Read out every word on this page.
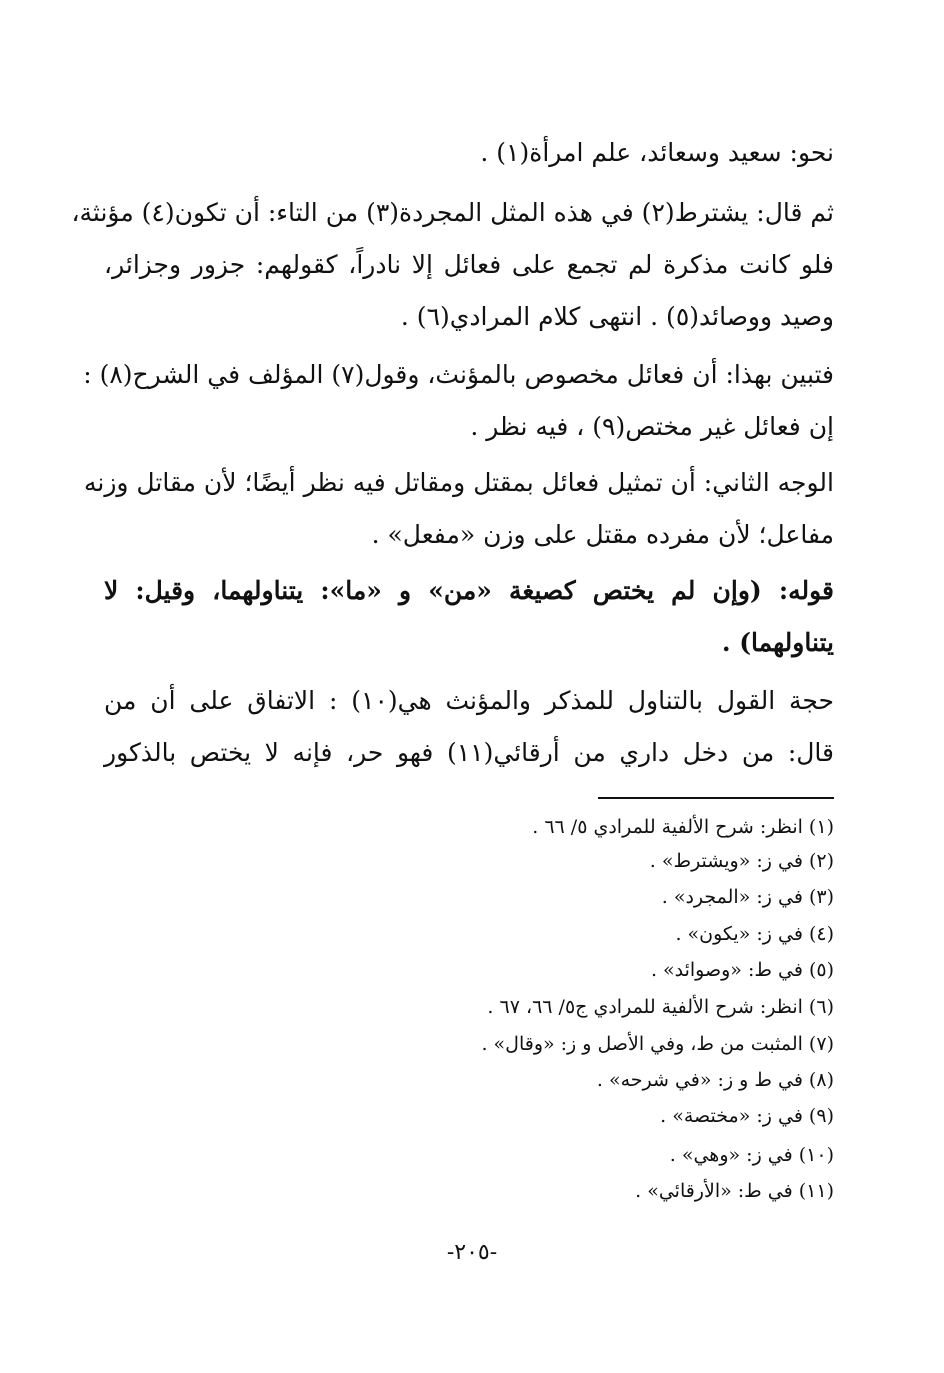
نحو: سعيد وسعائد، علم امرأة(١) .
ثم قال: يشترط(٢) في هذه المثل المجردة(٣) من التاء: أن تكون(٤) مؤنثة،
فلو كانت مذكرة لم تجمع على فعائل إلا نادراً، كقولهم: جزور وجزائر،
وصيد ووصائد(٥) . انتهى كلام المرادي(٦) .
فتبين بهذا: أن فعائل مخصوص بالمؤنث، وقول(٧) المؤلف في الشرح(٨) :
إن فعائل غير مختص(٩) ، فيه نظر .
الوجه الثاني: أن تمثيل فعائل بمقتل ومقاتل فيه نظر أيضًا؛ لأن مقاتل وزنه
مفاعل؛ لأن مفرده مقتل على وزن «مفعل» .
قوله: (وإن لم يختص كصيغة «من» و «ما»: يتناولهما، وقيل: لا
يتناولهما) .
حجة القول بالتناول للمذكر والمؤنث هي(١٠) : الاتفاق على أن من
قال: من دخل داري من أرقائي(١١) فهو حر، فإنه لا يختص بالذكور
(١) انظر: شرح الألفية للمرادي ٥/ ٦٦ .
(٢) في ز: «ويشترط» .
(٣) في ز: «المجرد» .
(٤) في ز: «يكون» .
(٥) في ط: «وصوائد» .
(٦) انظر: شرح الألفية للمرادي ج٥/ ٦٦، ٦٧ .
(٧) المثبت من ط، وفي الأصل و ز: «وقال» .
(٨) في ط و ز: «في شرحه» .
(٩) في ز: «مختصة» .
(١٠) في ز: «وهي» .
(١١) في ط: «الأرقائي» .
-٢٠٥-
